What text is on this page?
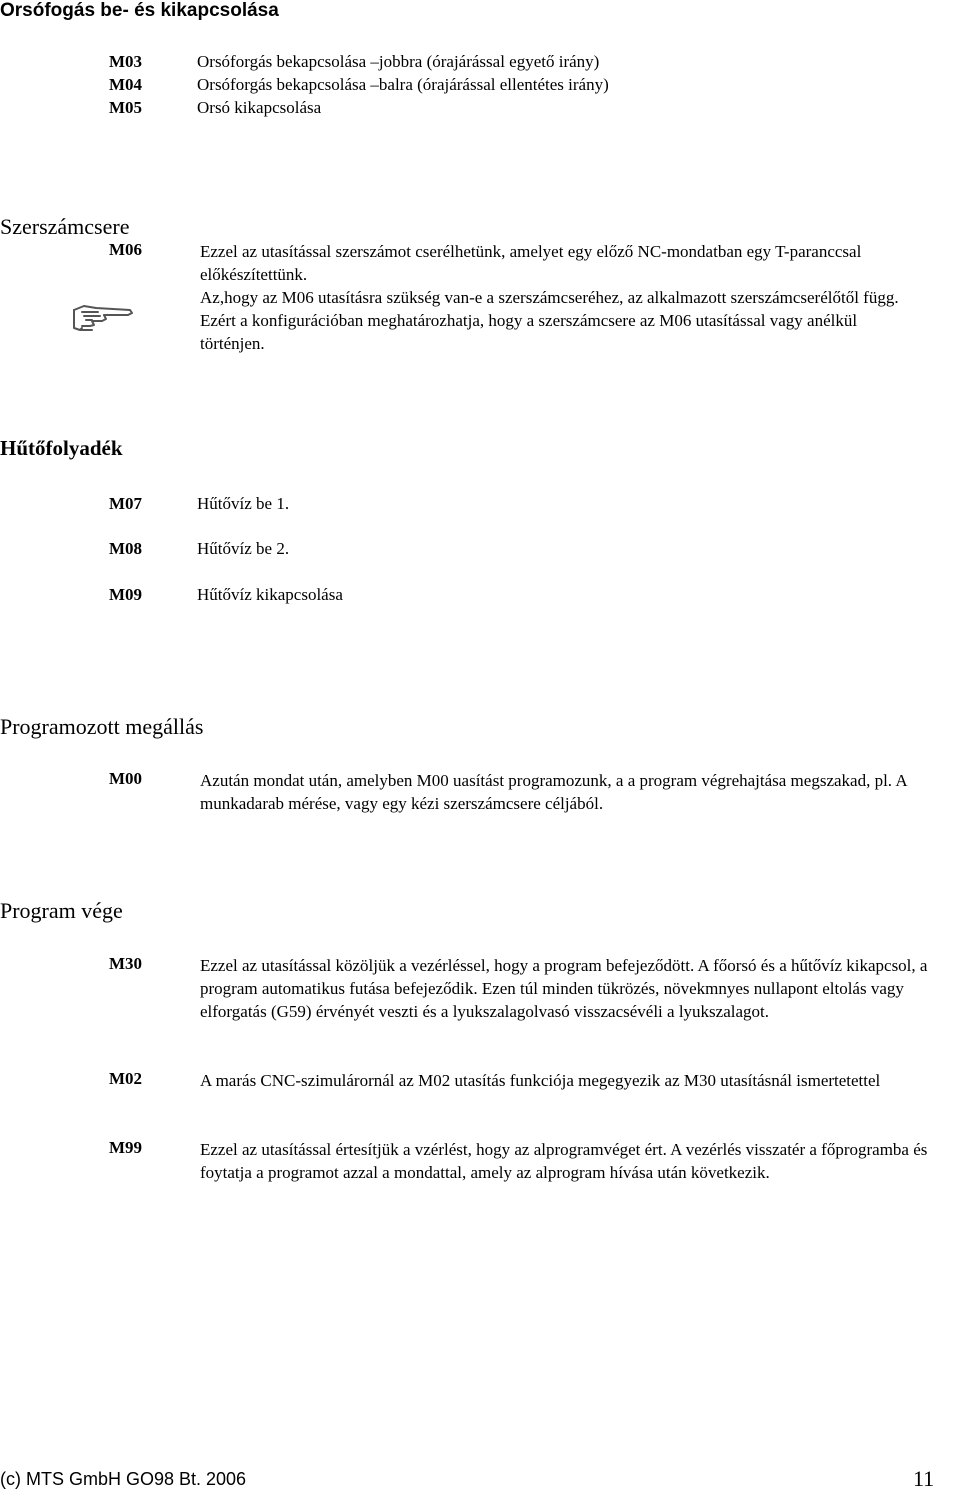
Orsófogás be- és kikapcsolása
M03	Orsóforgás bekapcsolása –jobbra (órajárással egyető irány)
M04	Orsóforgás bekapcsolása –balra (órajárással ellentétes irány)
M05	Orsó kikapcsolása
Szerszámcsere
M06	Ezzel az utasítással szerszámot cserélhetünk, amelyet egy előző NC-mondatban egy T-paranccsal előkészítettünk.
Az,hogy az M06 utasításra szükség van-e a szerszámcseréhez, az alkalmazott szerszámcserélőtől függ. Ezért a konfigurációban meghatározhatja, hogy a szerszámcsere az M06 utasítással vagy anélkül történjen.
Hűtőfolyadék
M07	Hűtővíz be 1.
M08	Hűtővíz be 2.
M09	Hűtővíz kikapcsolása
Programozott megállás
M00	Azután mondat után, amelyben M00 uasítást programozunk, a a program végrehajtása megszakad, pl. A munkadarab mérése, vagy egy kézi szerszámcsere céljából.
Program vége
M30	Ezzel az utasítással közöljük a vezérléssel, hogy a program befejeződött. A főorsó és a hűtővíz kikapcsol, a program automatikus futása befejeződik. Ezen túl minden tükrözés, növekmnyes nullapont eltolás vagy elforgatás (G59) érvényét veszti és a lyukszalagolvasó visszacsévéli a lyukszalagot.
M02	A marás CNC-szimulárornál az M02 utasítás funkciója megegyezik az M30 utasításnál ismertetettel
M99	Ezzel az utasítással értesítjük a vzérlést, hogy az alprogramvéget ért. A vezérlés visszatér a főprogramba és foytatja a programot azzal a mondattal, amely az alprogram hívása után következik.
(c) MTS GmbH GO98 Bt. 2006	11
